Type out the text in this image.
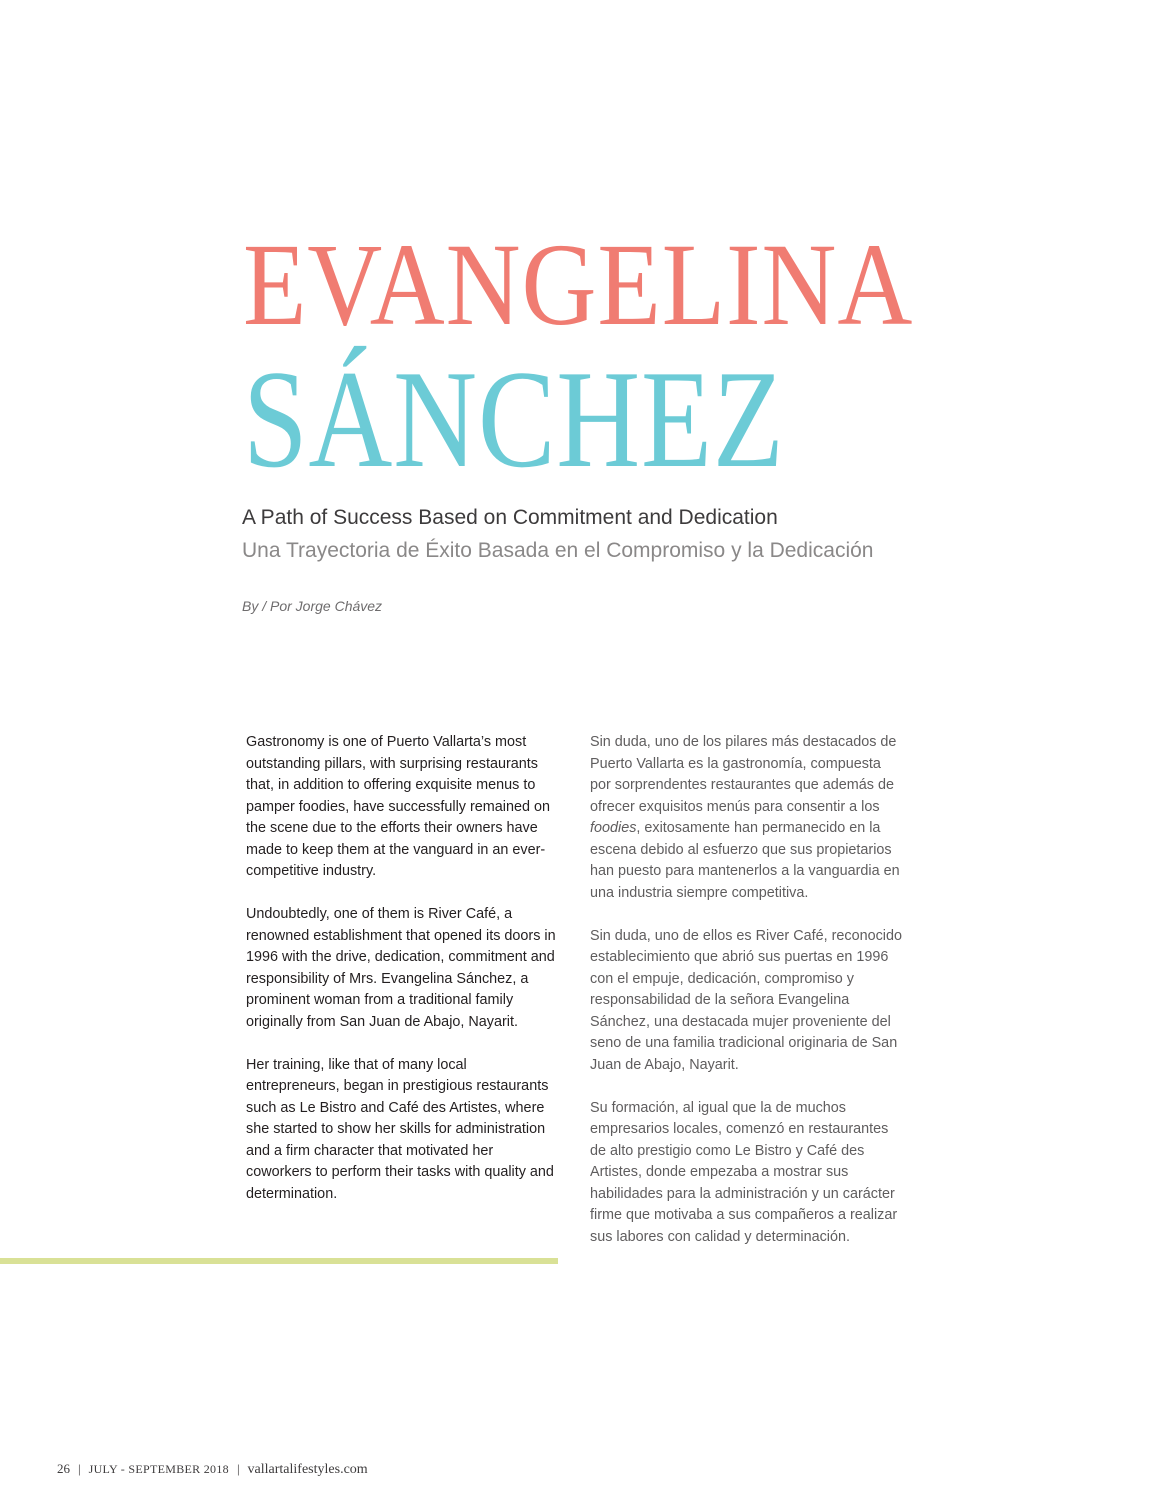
EVANGELINA
SÁNCHEZ
A Path of Success Based on Commitment and Dedication
Una Trayectoria de Éxito Basada en el Compromiso y la Dedicación

By / Por Jorge Chávez

Gastronomy is one of Puerto Vallarta’s most outstanding pillars, with surprising restaurants that, in addition to offering exquisite menus to pamper foodies, have successfully remained on the scene due to the efforts their owners have made to keep them at the vanguard in an ever-competitive industry.

Undoubtedly, one of them is River Café, a renowned establishment that opened its doors in 1996 with the drive, dedication, commitment and responsibility of Mrs. Evangelina Sánchez, a prominent woman from a traditional family originally from San Juan de Abajo, Nayarit.

Her training, like that of many local entrepreneurs, began in prestigious restaurants such as Le Bistro and Café des Artistes, where she started to show her skills for administration and a firm character that motivated her coworkers to perform their tasks with quality and determination.

Sin duda, uno de los pilares más destacados de Puerto Vallarta es la gastronomía, compuesta por sorprendentes restaurantes que además de ofrecer exquisitos menús para consentir a los foodies, exitosamente han permanecido en la escena debido al esfuerzo que sus propietarios han puesto para mantenerlos a la vanguardia en una industria siempre competitiva.

Sin duda, uno de ellos es River Café, reconocido establecimiento que abrió sus puertas en 1996 con el empuje, dedicación, compromiso y responsabilidad de la señora Evangelina Sánchez, una destacada mujer proveniente del seno de una familia tradicional originaria de San Juan de Abajo, Nayarit.

Su formación, al igual que la de muchos empresarios locales, comenzó en restaurantes de alto prestigio como Le Bistro y Café des Artistes, donde empezaba a mostrar sus habilidades para la administración y un carácter firme que motivaba a sus compañeros a realizar sus labores con calidad y determinación.

26 | JULY - SEPTEMBER 2018 | vallartalifestyles.com
